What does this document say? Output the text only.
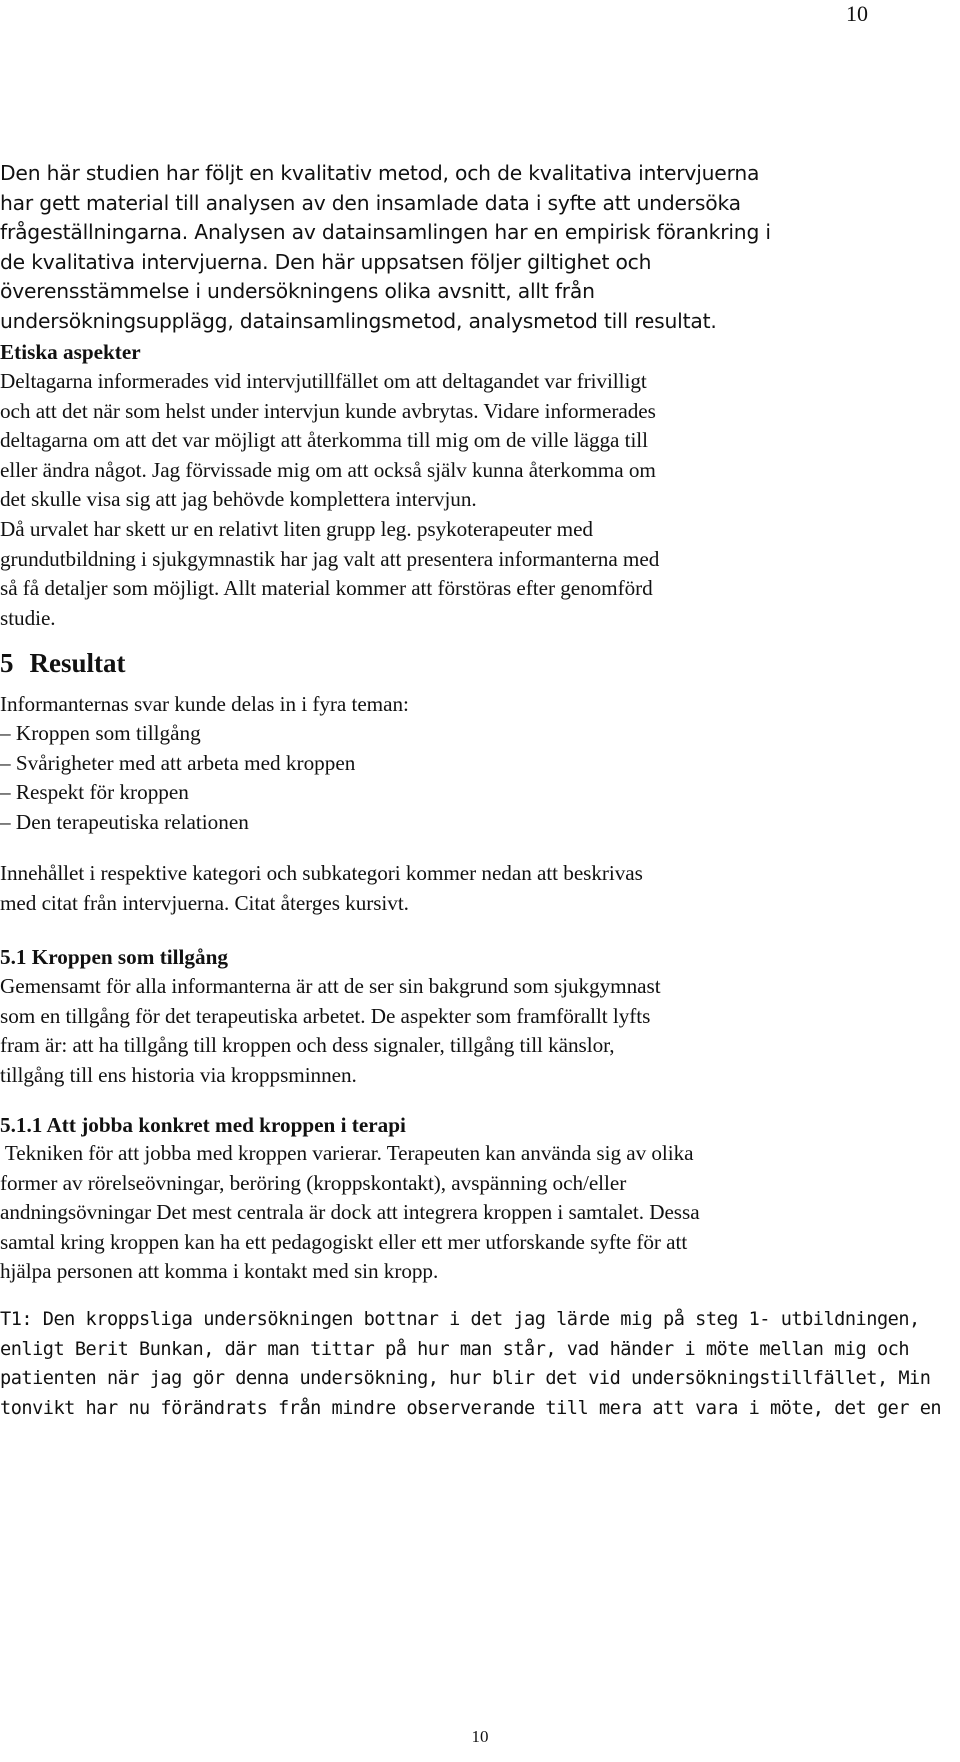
10

Den här studien har följt en kvalitativ metod, och de kvalitativa intervjuerna
har gett material till analysen av den insamlade data i syfte att undersöka
frågeställningarna. Analysen av datainsamlingen har en empirisk förankring i
de kvalitativa intervjuerna. Den här uppsatsen följer giltighet och
överensstämmelse i undersökningens olika avsnitt, allt från
undersökningsupplägg, datainsamlingsmetod, analysmetod till resultat.

Etiska aspekter

Deltagarna informerades vid intervjutillfället om att deltagandet var frivilligt
och att det när som helst under intervjun kunde avbrytas. Vidare informerades
deltagarna om att det var möjligt att återkomma till mig om de ville lägga till
eller ändra något. Jag förvissade mig om att också själv kunna återkomma om
det skulle visa sig att jag behövde komplettera intervjun.
Då urvalet har skett ur en relativt liten grupp leg. psykoterapeuter med
grundutbildning i sjukgymnastik har jag valt att presentera informanterna med
så få detaljer som möjligt. Allt material kommer att förstöras efter genomförd
studie.

5 Resultat

Informanternas svar kunde delas in i fyra teman:

– Kroppen som tillgång
– Svårigheter med att arbeta med kroppen
– Respekt för kroppen
– Den terapeutiska relationen

Innehållet i respektive kategori och subkategori kommer nedan att beskrivas
med citat från intervjuerna. Citat återges kursivt.

5.1 Kroppen som tillgång

Gemensamt för alla informanterna är att de ser sin bakgrund som sjukgymnast
som en tillgång för det terapeutiska arbetet. De aspekter som framförallt lyfts
fram är: att ha tillgång till kroppen och dess signaler, tillgång till känslor,
tillgång till ens historia via kroppsminnen.

5.1.1 Att jobba konkret med kroppen i terapi

Tekniken för att jobba med kroppen varierar. Terapeuten kan använda sig av olika
former av rörelseövningar, beröring (kroppskontakt), avspänning och/eller
andningsövningar Det mest centrala är dock att integrera kroppen i samtalet. Dessa
samtal kring kroppen kan ha ett pedagogiskt eller ett mer utforskande syfte för att
hjälpa personen att komma i kontakt med sin kropp.

T1: Den kroppsliga undersökningen bottnar i det jag lärde mig på steg 1- utbildningen,
enligt Berit Bunkan, där man tittar på hur man står, vad händer i möte mellan mig och
patienten när jag gör denna undersökning, hur blir det vid undersökningstillfället, Min
tonvikt har nu förändrats från mindre observerande till mera att vara i möte, det ger en

10
